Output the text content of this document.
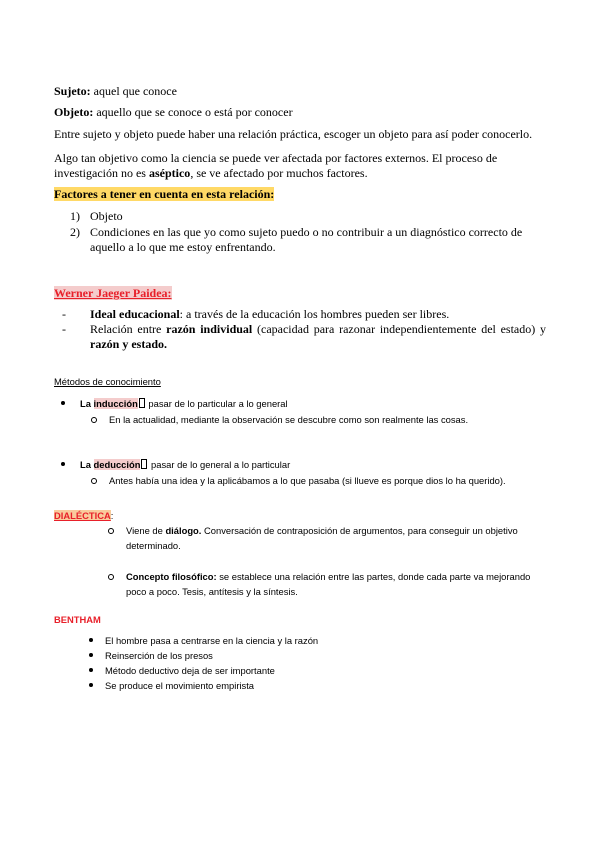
Sujeto: aquel que conoce

Objeto: aquello que se conoce o está por conocer

Entre sujeto y objeto puede haber una relación práctica, escoger un objeto para así poder conocerlo.

Algo tan objetivo como la ciencia se puede ver afectada por factores externos. El proceso de investigación no es aséptico, se ve afectado por muchos factores.

Factores a tener en cuenta en esta relación:

1) Objeto
2) Condiciones en las que yo como sujeto puedo o no contribuir a un diagnóstico correcto de aquello a lo que me estoy enfrentando.

Werner Jaeger Paidea:

- Ideal educacional: a través de la educación los hombres pueden ser libres.
- Relación entre razón individual (capacidad para razonar independientemente del estado) y razón y estado.

Métodos de conocimiento

La inducción pasar de lo particular a lo general
En la actualidad, mediante la observación se descubre como son realmente las cosas.
La deducción pasar de lo general a lo particular
Antes había una idea y la aplicábamos a lo que pasaba (si llueve es porque dios lo ha querido).

DIALÉCTICA:

Viene de diálogo. Conversación de contraposición de argumentos, para conseguir un objetivo determinado.
Concepto filosófico: se establece una relación entre las partes, donde cada parte va mejorando poco a poco. Tesis, antítesis y la síntesis.

BENTHAM

El hombre pasa a centrarse en la ciencia y la razón
Reinserción de los presos
Método deductivo deja de ser importante
Se produce el movimiento empirista
